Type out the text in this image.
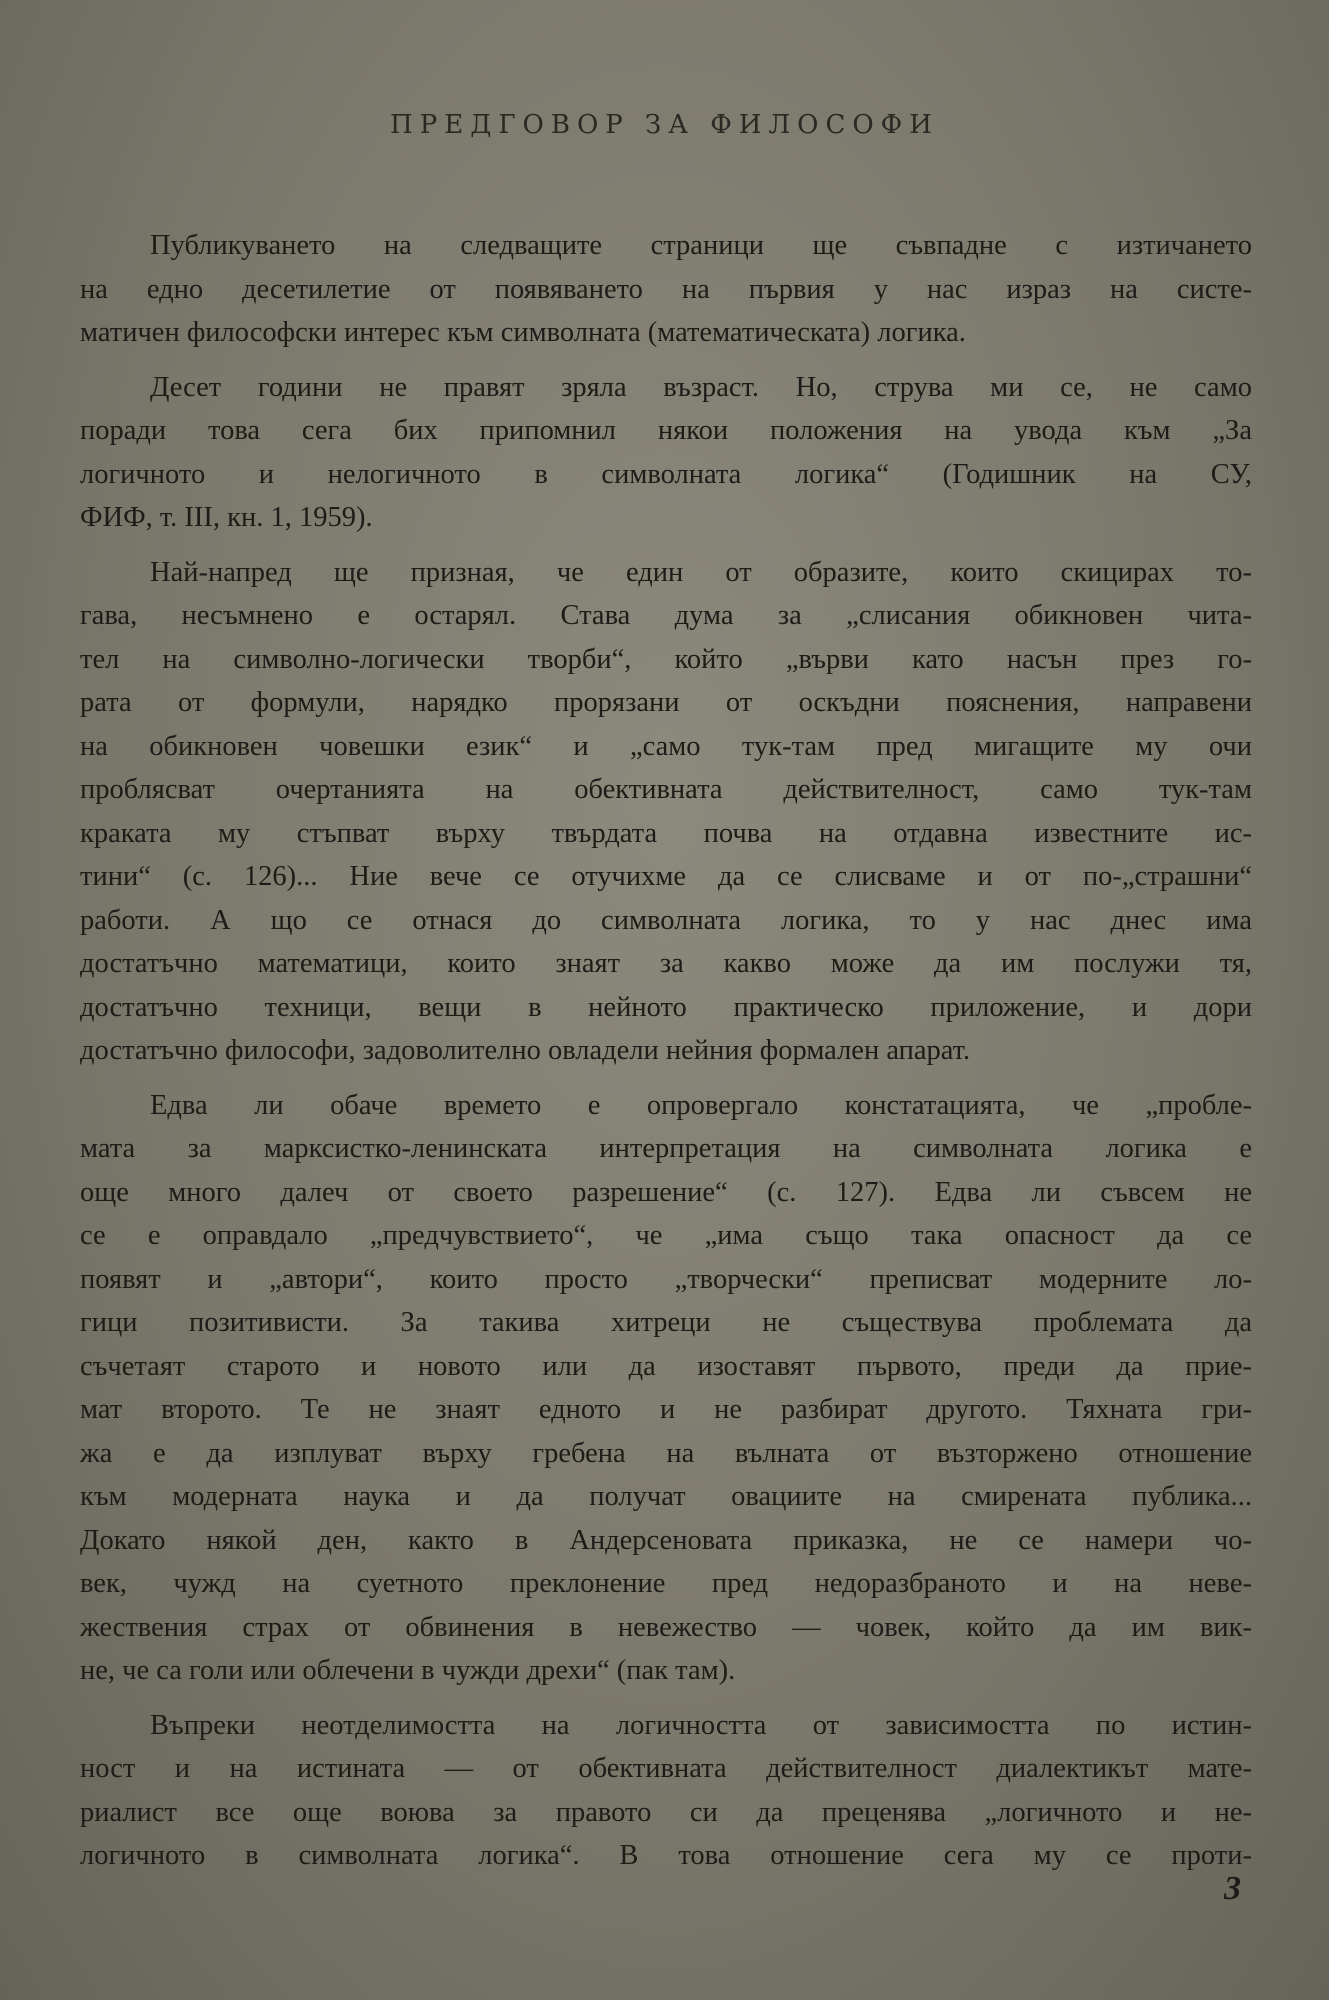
ПРЕДГОВОР ЗА ФИЛОСОФИ
Публикуването на следващите страници ще съвпадне с изтичането
на едно десетилетие от появяването на първия у нас израз на систе-
матичен философски интерес към символната (математическата) логика.
Десет години не правят зряла възраст. Но, струва ми се, не само
поради това сега бих припомнил някои положения на увода към „За
логичното и нелогичното в символната логика“ (Годишник на СУ,
ФИФ, т. III, кн. 1, 1959).
Най-напред ще призная, че един от образите, които скицирах то-
гава, несъмнено е остарял. Става дума за „слисания обикновен чита-
тел на символно-логически творби“, който „върви като насън през го-
рата от формули, нарядко прорязани от оскъдни пояснения, направени
на обикновен човешки език“ и „само тук-там пред мигащите му очи
проблясват очертанията на обективната действителност, само тук-там
краката му стъпват върху твърдата почва на отдавна известните ис-
тини“ (с. 126)... Ние вече се отучихме да се слисваме и от по-„страшни“
работи. А що се отнася до символната логика, то у нас днес има
достатъчно математици, които знаят за какво може да им послужи тя,
достатъчно техници, вещи в нейното практическо приложение, и дори
достатъчно философи, задоволително овладели нейния формален апарат.
Едва ли обаче времето е опровергало констатацията, че „пробле-
мата за марксистко-ленинската интерпретация на символната логика е
още много далеч от своето разрешение“ (с. 127). Едва ли съвсем не
се е оправдало „предчувствието“, че „има също така опасност да се
появят и „автори“, които просто „творчески“ преписват модерните ло-
гици позитивисти. За такива хитреци не съществува проблемата да
съчетаят старото и новото или да изоставят първото, преди да прие-
мат второто. Те не знаят едното и не разбират другото. Тяхната гри-
жа е да изплуват върху гребена на вълната от възторжено отношение
към модерната наука и да получат овациите на смирената публика...
Докато някой ден, както в Андерсеновата приказка, не се намери чо-
век, чужд на суетното преклонение пред недоразбраното и на невe-
жествения страх от обвинения в невежество — човек, който да им вик-
не, че са голи или облечени в чужди дрехи“ (пак там).
Въпреки неотделимостта на логичността от зависимостта по истин-
ност и на истината — от обективната действителност диалектикът мате-
риалист все още воюва за правото си да преценява „логичното и не-
логичното в символната логика“. В това отношение сега му се проти-
3
